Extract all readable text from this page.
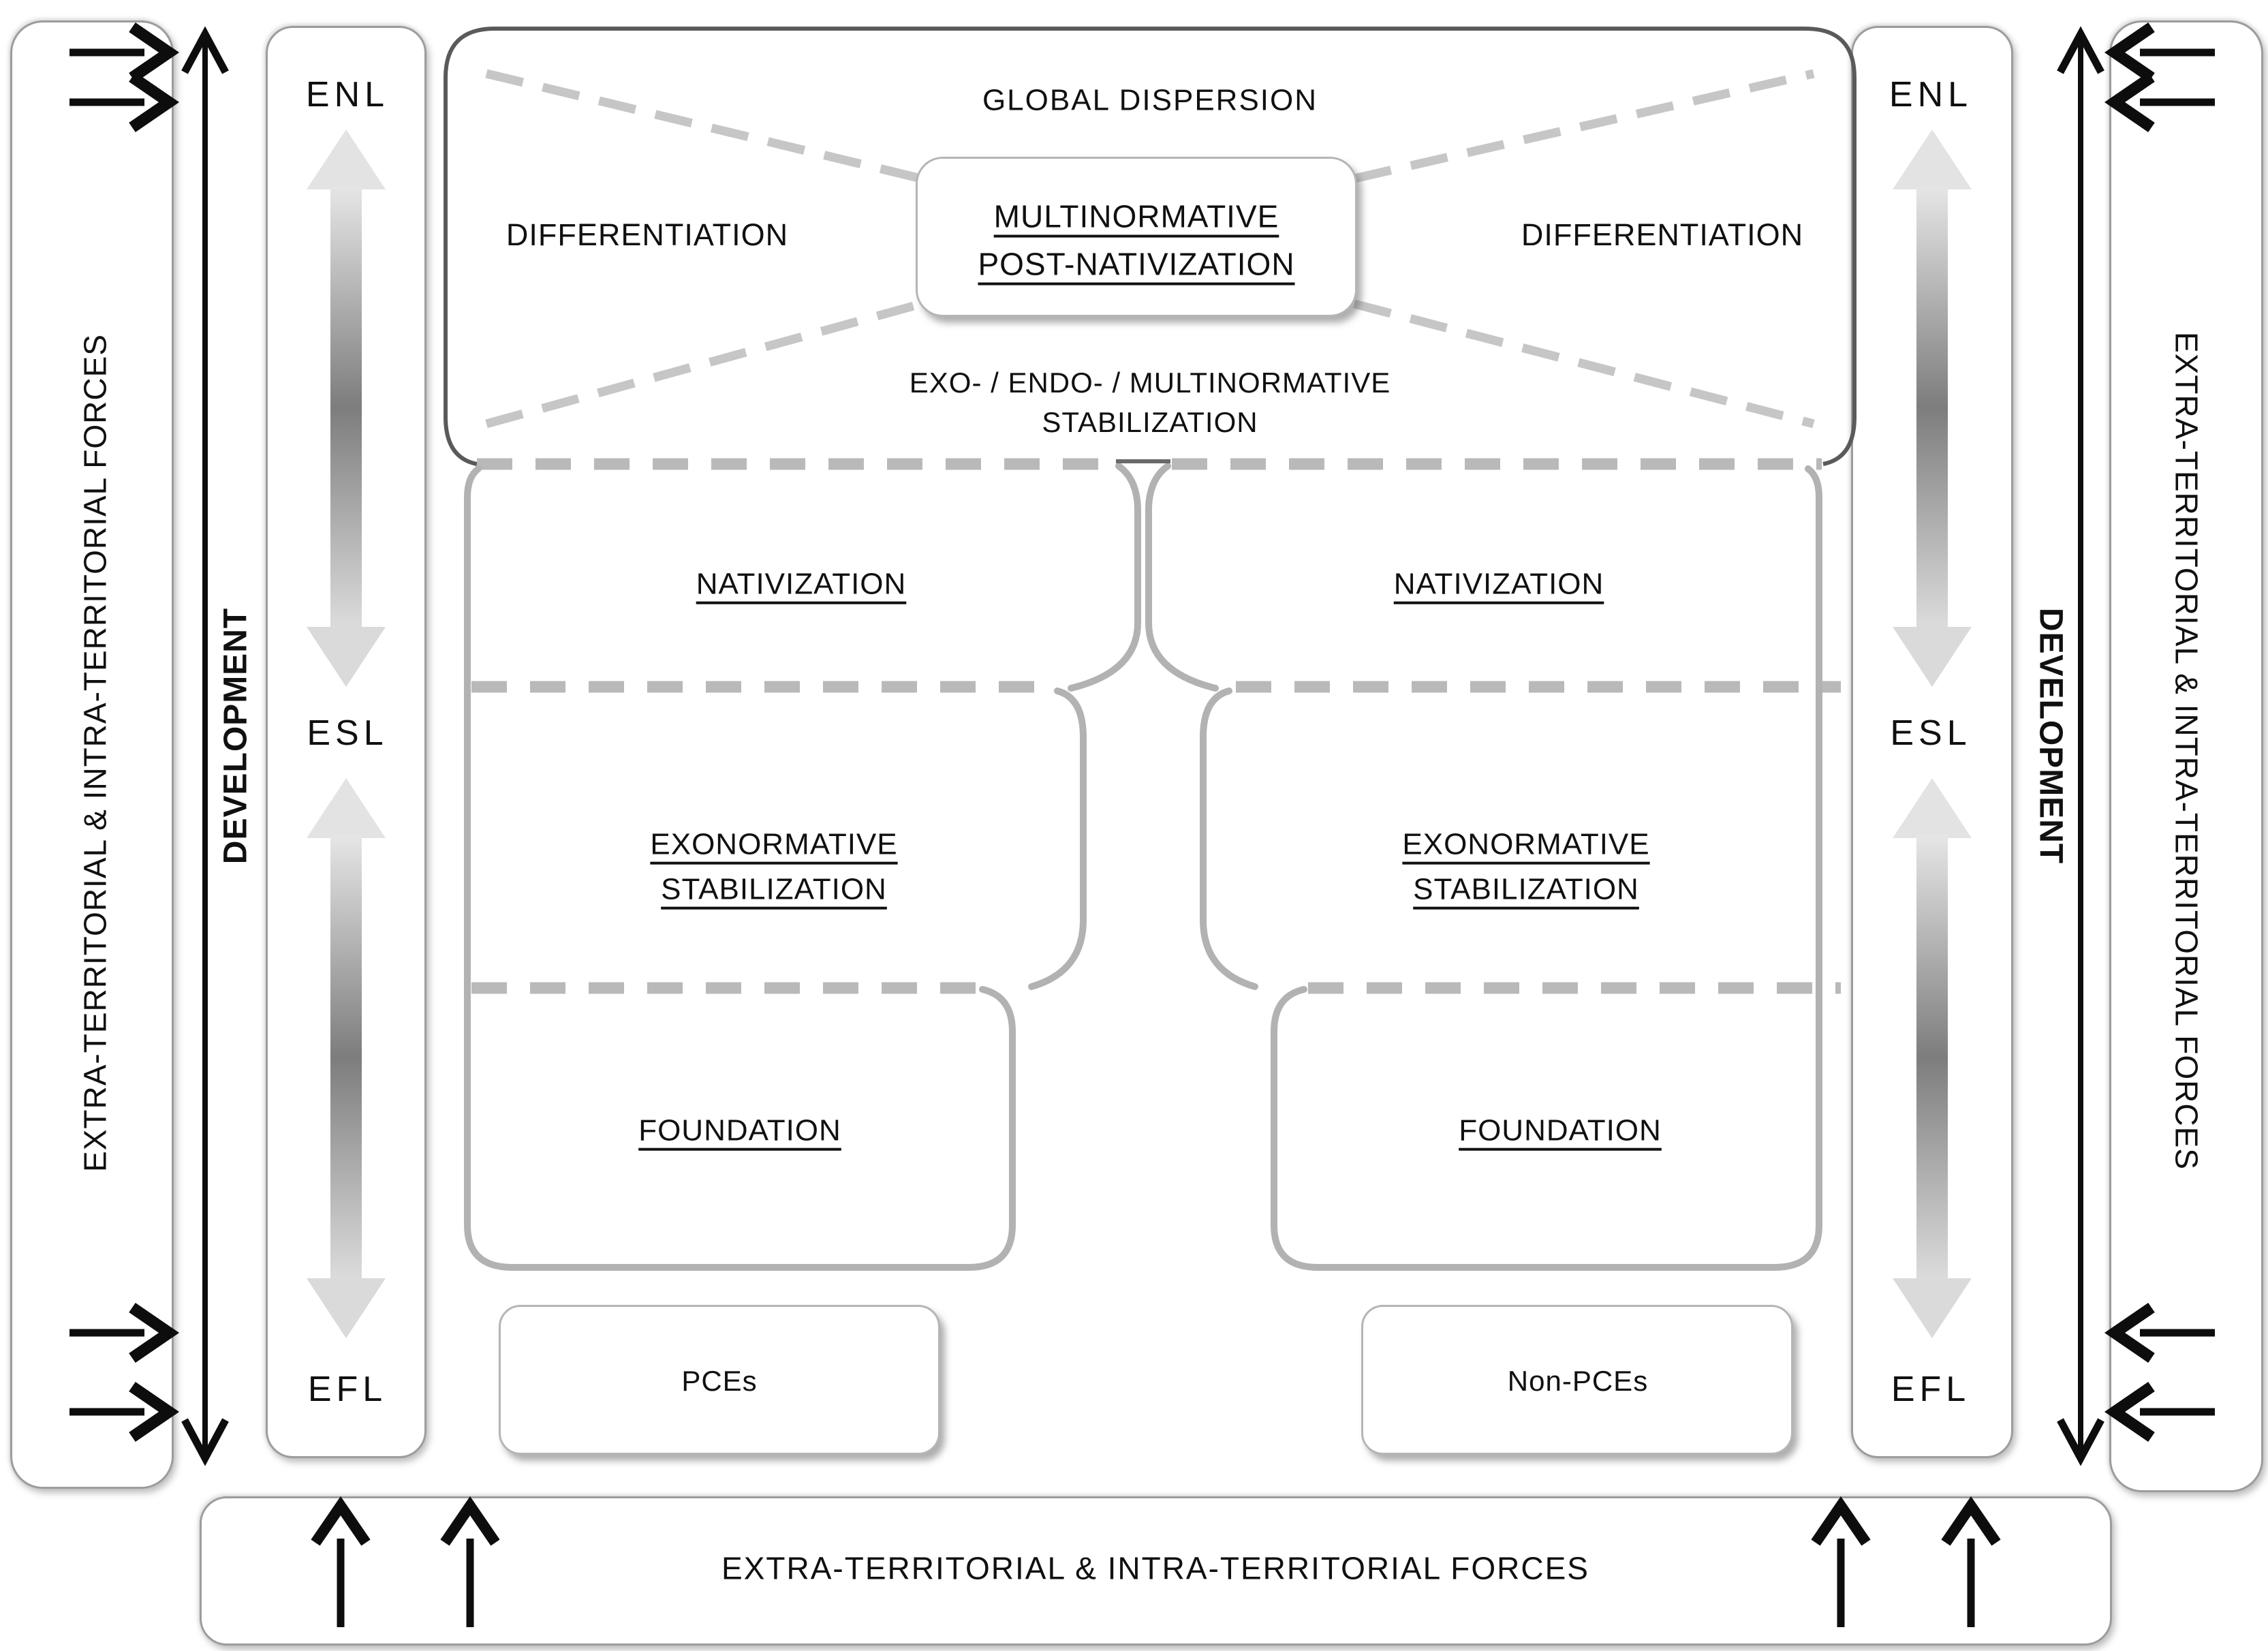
EXTRA-TERRITORIAL & INTRA-TERRITORIAL FORCES	DEVELOPMENT
ENL
ESL
EFL
GLOBAL DISPERSION
DIFFERENTIATION	DIFFERENTIATION
MULTINORMATIVE
POST-NATIVIZATION
EXO- / ENDO- / MULTINORMATIVE
STABILIZATION
NATIVIZATION	NATIVIZATION
EXONORMATIVE
STABILIZATION
EXONORMATIVE
STABILIZATION
FOUNDATION	FOUNDATION
PCEs	Non-PCEs
ENL
ESL
EFL
DEVELOPMENT	EXTRA-TERRITORIAL & INTRA-TERRITORIAL FORCES
EXTRA-TERRITORIAL & INTRA-TERRITORIAL FORCES
